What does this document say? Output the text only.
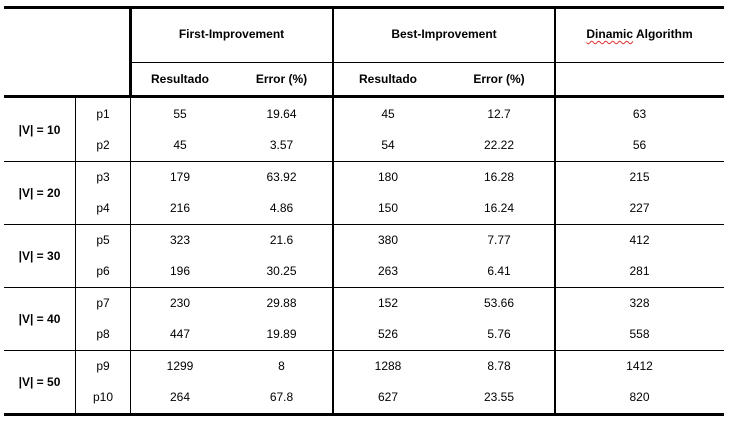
First-Improvement	Best-Improvement	Dinamic Algorithm
Resultado	Error (%)	Resultado	Error (%)
|V| = 10
p1	55	19.64	45	12.7	63
p2	45	3.57	54	22.22	56
|V| = 20
p3	179	63.92	180	16.28	215
p4	216	4.86	150	16.24	227
|V| = 30
p5	323	21.6	380	7.77	412
p6	196	30.25	263	6.41	281
|V| = 40
p7	230	29.88	152	53.66	328
p8	447	19.89	526	5.76	558
|V| = 50
p9	1299	8	1288	8.78	1412
p10	264	67.8	627	23.55	820
